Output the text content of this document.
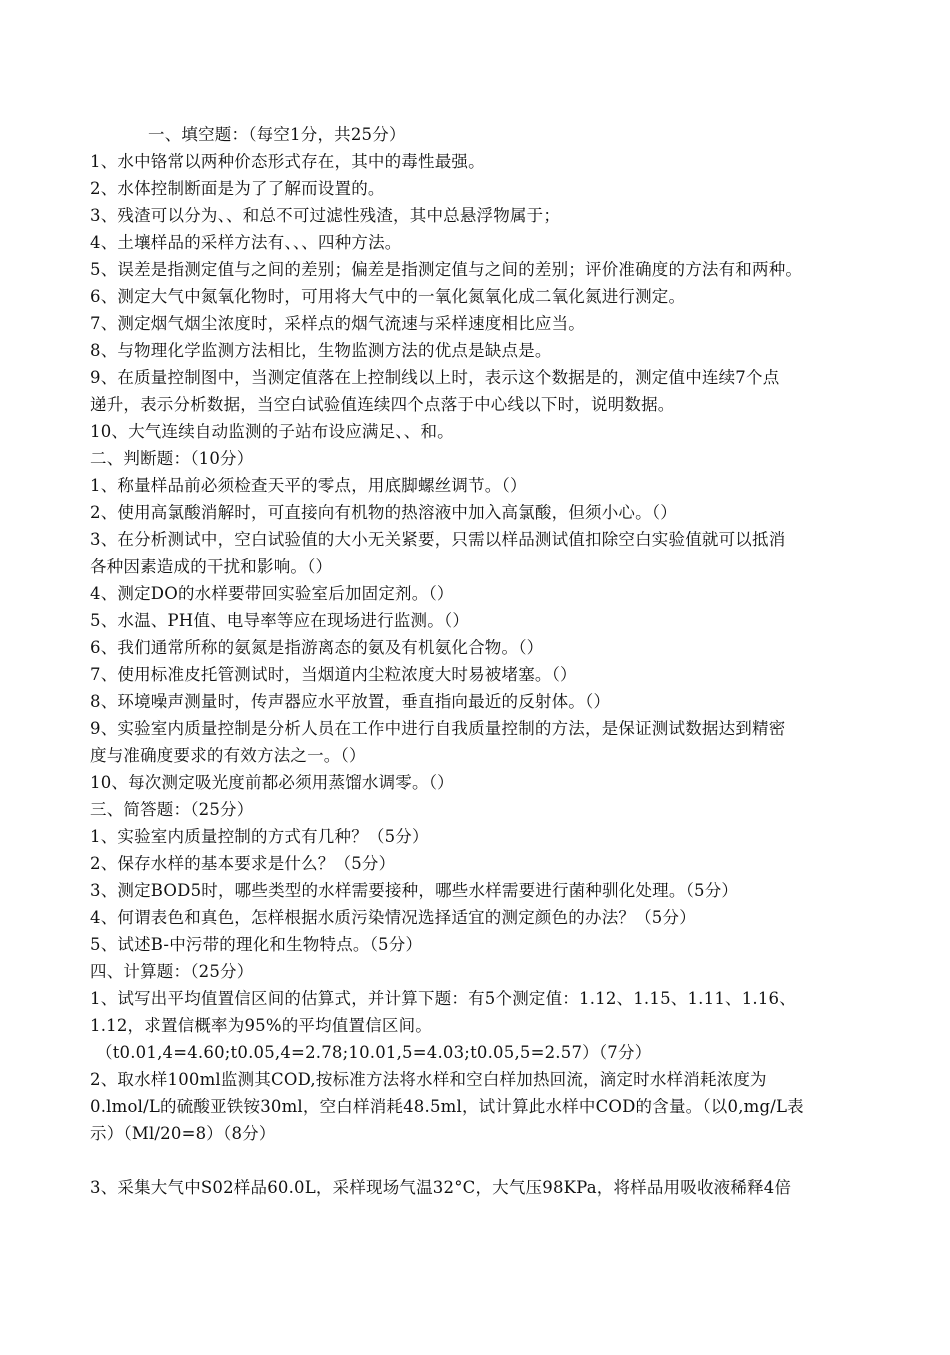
一、填空题：（每空1分，共25分）
1、水中铬常以两种价态形式存在，其中的毒性最强。
2、水体控制断面是为了了解而设置的。
3、残渣可以分为、、和总不可过滤性残渣，其中总悬浮物属于；
4、土壤样品的采样方法有、、、四种方法。
5、误差是指测定值与之间的差别；偏差是指测定值与之间的差别；评价准确度的方法有和两种。
6、测定大气中氮氧化物时，可用将大气中的一氧化氮氧化成二氧化氮进行测定。
7、测定烟气烟尘浓度时，采样点的烟气流速与采样速度相比应当。
8、与物理化学监测方法相比，生物监测方法的优点是缺点是。
9、在质量控制图中，当测定值落在上控制线以上时，表示这个数据是的，测定值中连续7个点
递升，表示分析数据，当空白试验值连续四个点落于中心线以下时，说明数据。
10、大气连续自动监测的子站布设应满足、、和。
二、判断题：（10分）
1、称量样品前必须检查天平的零点，用底脚螺丝调节。（）
2、使用高氯酸消解时，可直接向有机物的热溶液中加入高氯酸，但须小心。（）
3、在分析测试中，空白试验值的大小无关紧要，只需以样品测试值扣除空白实验值就可以抵消
各种因素造成的干扰和影响。（）
4、测定DO的水样要带回实验室后加固定剂。（）
5、水温、PH值、电导率等应在现场进行监测。（）
6、我们通常所称的氨氮是指游离态的氨及有机氨化合物。（）
7、使用标准皮托管测试时，当烟道内尘粒浓度大时易被堵塞。（）
8、环境噪声测量时，传声器应水平放置，垂直指向最近的反射体。（）
9、实验室内质量控制是分析人员在工作中进行自我质量控制的方法，是保证测试数据达到精密
度与准确度要求的有效方法之一。（）
10、每次测定吸光度前都必须用蒸馏水调零。（）
三、简答题：（25分）
1、实验室内质量控制的方式有几种？（5分）
2、保存水样的基本要求是什么？（5分）
3、测定BOD5时，哪些类型的水样需要接种，哪些水样需要进行菌种驯化处理。（5分）
4、何谓表色和真色，怎样根据水质污染情况选择适宜的测定颜色的办法？（5分）
5、试述B-中污带的理化和生物特点。（5分）
四、计算题：（25分）
1、试写出平均值置信区间的估算式，并计算下题：有5个测定值：1.12、1.15、1.11、1.16、
1.12，求置信概率为95%的平均值置信区间。
（t0.01,4=4.60;t0.05,4=2.78;10.01,5=4.03;t0.05,5=2.57）（7分）
2、取水样100ml监测其COD,按标准方法将水样和空白样加热回流，滴定时水样消耗浓度为
0.lmol/L的硫酸亚铁铵30ml，空白样消耗48.5ml，试计算此水样中COD的含量。（以0,mg/L表
示）（Ml/20=8）（8分）
3、采集大气中S02样品60.0L，采样现场气温32°C，大气压98KPa，将样品用吸收液稀释4倍
